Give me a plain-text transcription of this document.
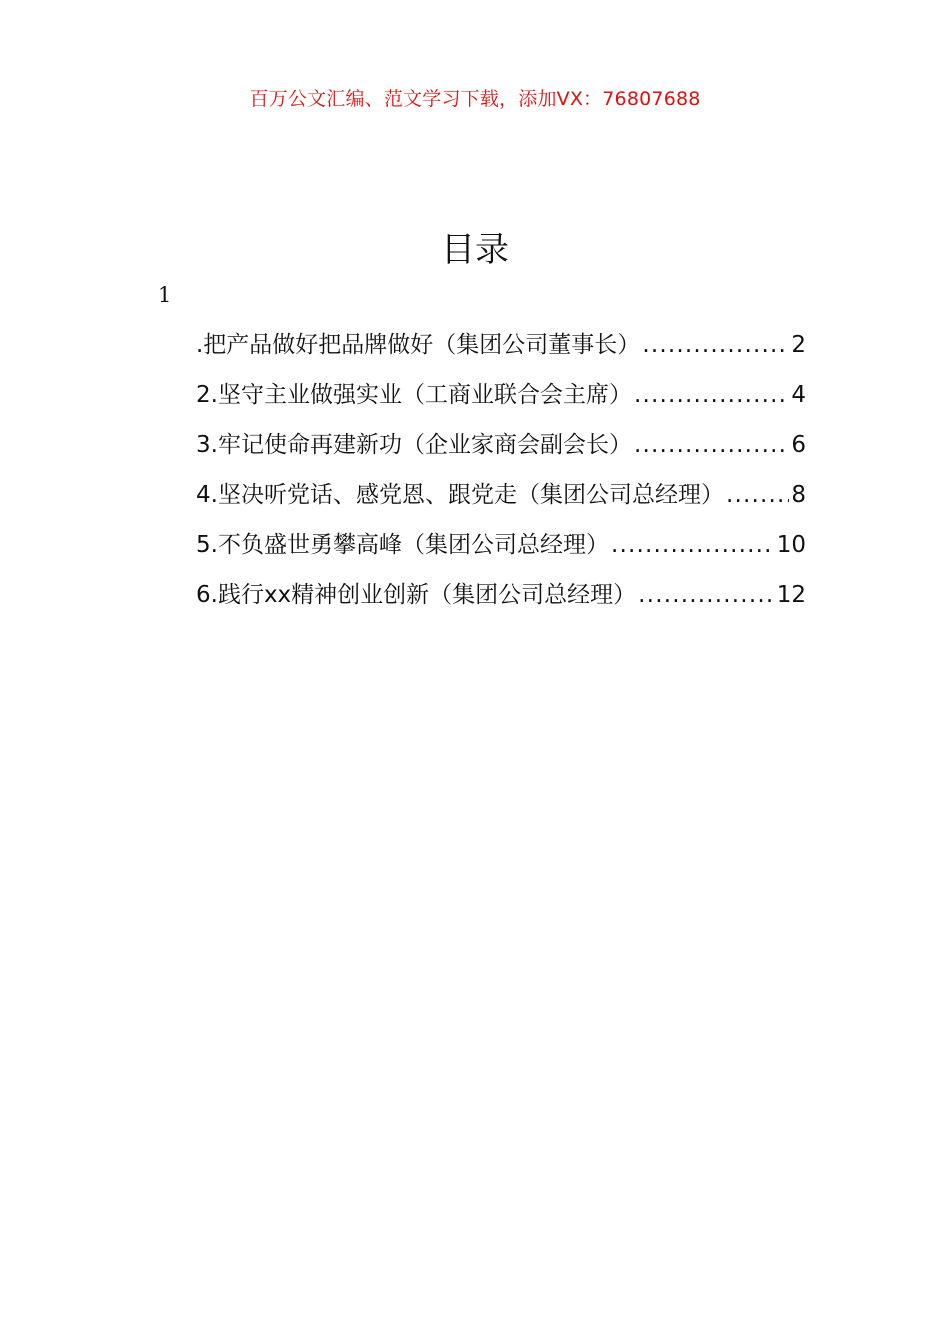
百万公文汇编、范文学习下载，添加VX：76807688
目录
1
.把产品做好把品牌做好（集团公司董事长） .....	2
2.坚守主业做强实业（工商业联合会主席） .....	4
3.牢记使命再建新功（企业家商会副会长） .....	6
4.坚决听党话、感党恩、跟党走（集团公司总经理） .....	8
5.不负盛世勇攀高峰（集团公司总经理） .....	10
6.践行xx精神创业创新（集团公司总经理） .....	12
